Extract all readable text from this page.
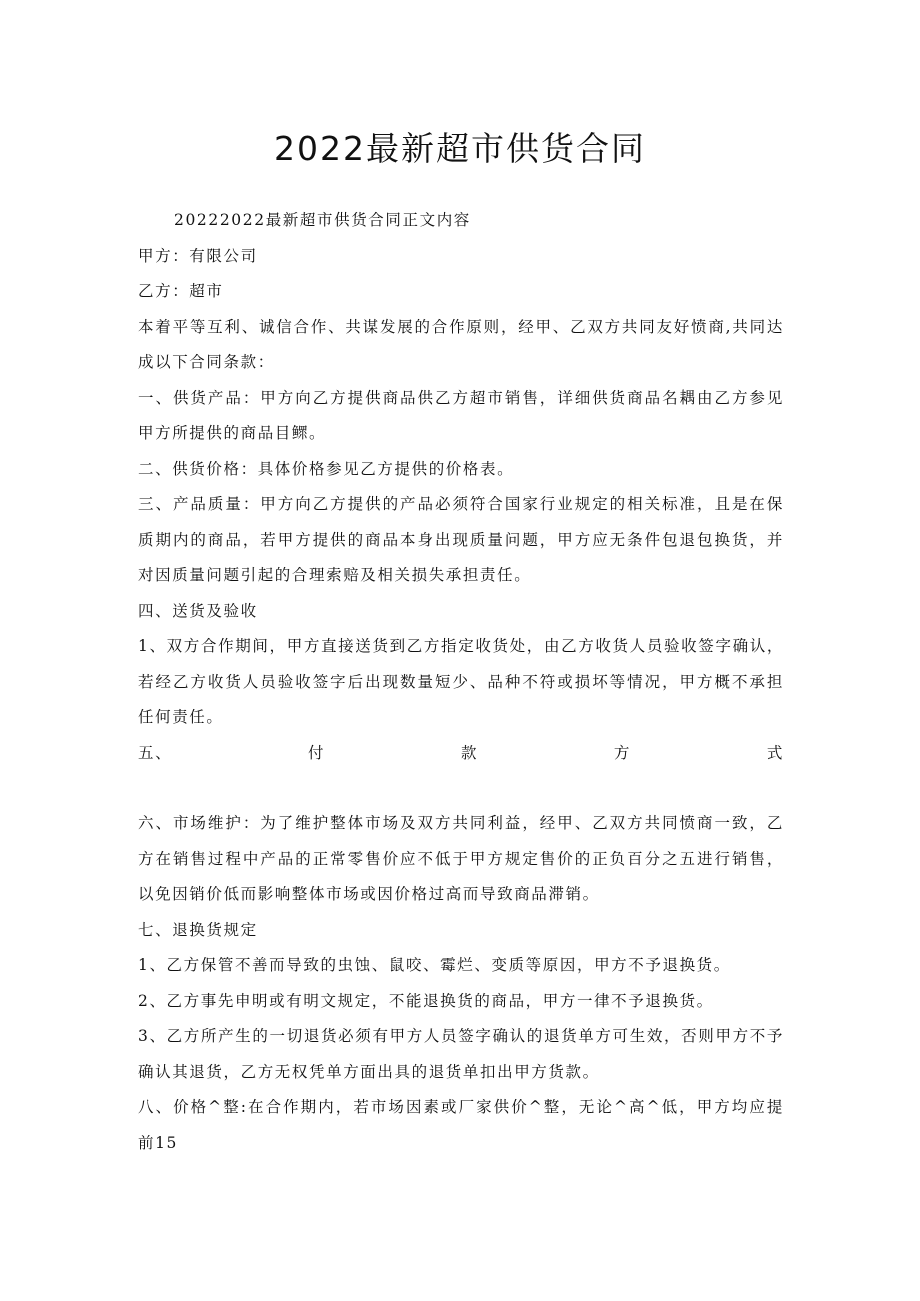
2022最新超市供货合同

20222022最新超市供货合同正文内容

甲方：有限公司

乙方：超市

本着平等互利、诚信合作、共谋发展的合作原则，经甲、乙双方共同友好愤商,共同达成以下合同条款：

一、供货产品：甲方向乙方提供商品供乙方超市销售，详细供货商品名耦由乙方参见甲方所提供的商品目鳏。

二、供货价格：具体价格参见乙方提供的价格表。

三、产品质量：甲方向乙方提供的产品必须符合国家行业规定的相关标准，且是在保质期内的商品，若甲方提供的商品本身出现质量问题，甲方应无条件包退包换货，并对因质量问题引起的合理索赔及相关损失承担责任。

四、送货及验收

1、双方合作期间，甲方直接送货到乙方指定收货处，由乙方收货人员验收签字确认，若经乙方收货人员验收签字后出现数量短少、品种不符或损坏等情况，甲方概不承担任何责任。

五、	付	款	方	式

六、市场维护：为了维护整体市场及双方共同利益，经甲、乙双方共同愤商一致，乙方在销售过程中产品的正常零售价应不低于甲方规定售价的正负百分之五进行销售，以免因销价低而影响整体市场或因价格过高而导致商品滞销。

七、退换货规定

1、乙方保管不善而导致的虫蚀、鼠咬、霉烂、变质等原因，甲方不予退换货。

2、乙方事先申明或有明文规定，不能退换货的商品，甲方一律不予退换货。

3、乙方所产生的一切退货必须有甲方人员签字确认的退货单方可生效，否则甲方不予确认其退货，乙方无权凭单方面出具的退货单扣出甲方货款。

八、价格^整:在合作期内，若市场因素或厂家供价^整，无论^高^低，甲方均应提前15
